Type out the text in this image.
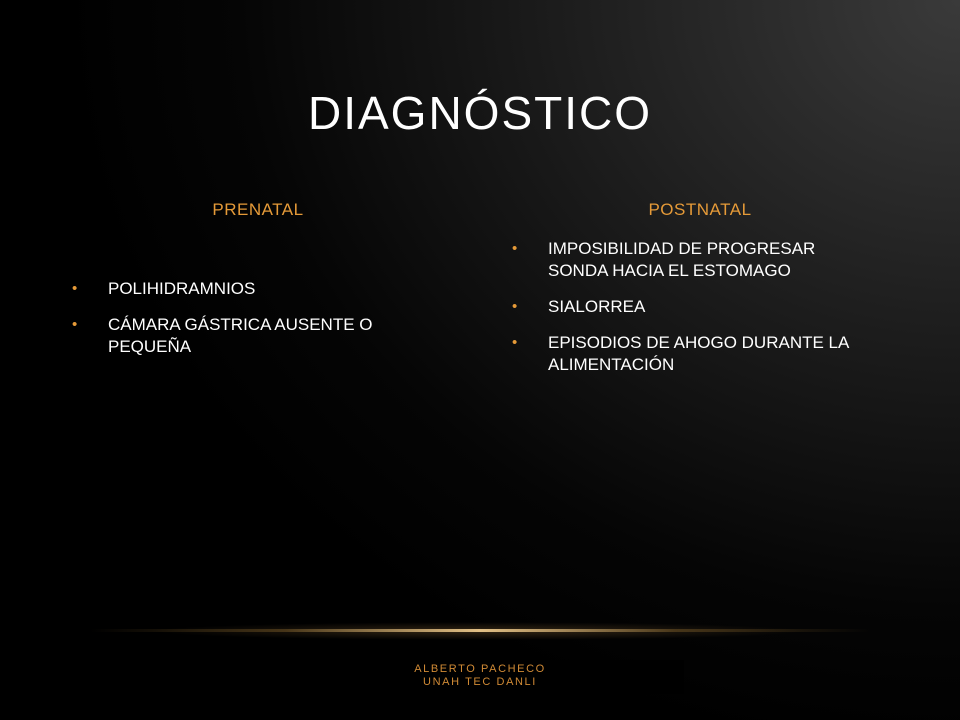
DIAGNÓSTICO
PRENATAL	POSTNATAL
• POLIHIDRAMNIOS
• CÁMARA GÁSTRICA AUSENTE O PEQUEÑA
• IMPOSIBILIDAD DE PROGRESAR SONDA HACIA EL ESTOMAGO
• SIALORREA
• EPISODIOS DE AHOGO DURANTE LA ALIMENTACIÓN
ALBERTO PACHECO
UNAH TEC DANLI
